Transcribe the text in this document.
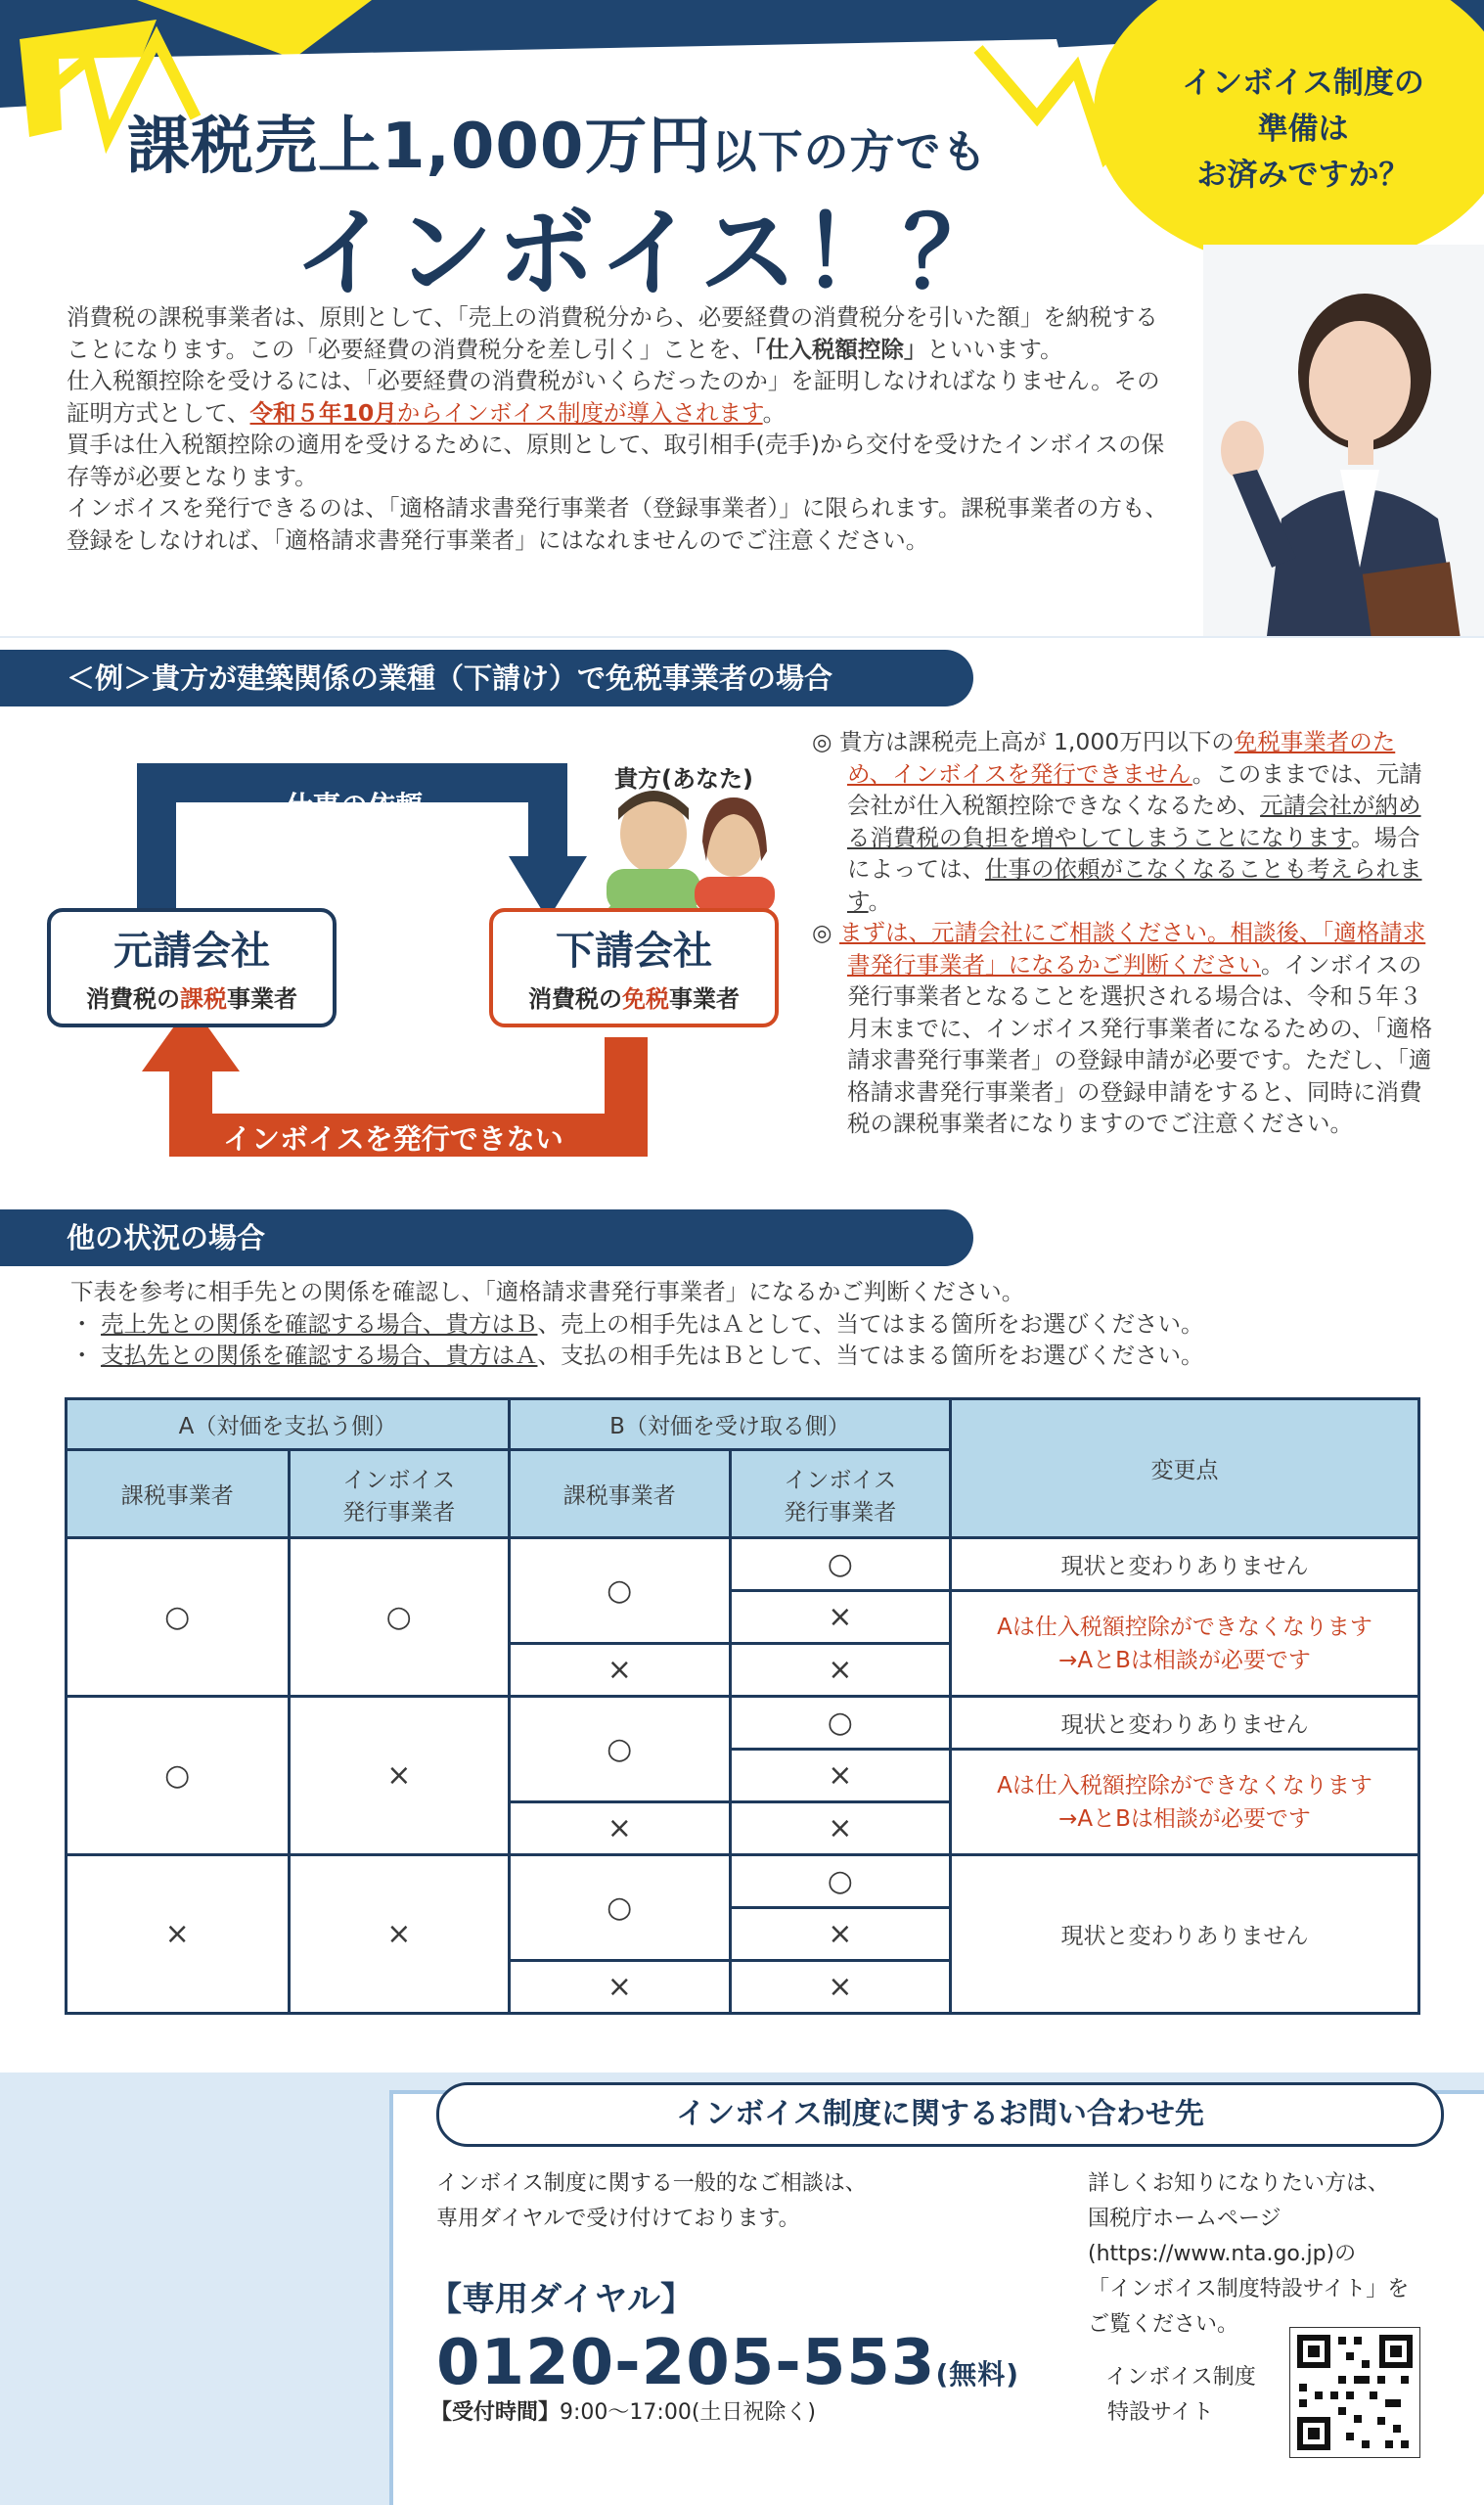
課税売上1,000万円以下の方でも
インボイス！？
インボイス制度の
準備は
お済みですか？

消費税の課税事業者は、原則として、「売上の消費税分から、必要経費の消費税分を引いた額」を納税することになります。この「必要経費の消費税分を差し引く」ことを、「仕入税額控除」といいます。

仕入税額控除を受けるには、「必要経費の消費税がいくらだったのか」を証明しなければなりません。その証明方式として、令和５年10月からインボイス制度が導入されます。

買手は仕入税額控除の適用を受けるために、原則として、取引相手(売手)から交付を受けたインボイスの保存等が必要となります。

インボイスを発行できるのは、「適格請求書発行事業者（登録事業者）」に限られます。課税事業者の方も、登録をしなければ、「適格請求書発行事業者」にはなれませんのでご注意ください。

＜例＞貴方が建築関係の業種（下請け）で免税事業者の場合
仕事の依頼
貴方(あなた)
元請会社
消費税の課税事業者
下請会社
消費税の免税事業者
インボイスを発行できない

◎ 貴方は課税売上高が 1,000万円以下の免税事業者のため、インボイスを発行できません。このままでは、元請会社が仕入税額控除できなくなるため、元請会社が納める消費税の負担を増やしてしまうことになります。場合によっては、仕事の依頼がこなくなることも考えられます。

◎ まずは、元請会社にご相談ください。相談後、「適格請求書発行事業者」になるかご判断ください。インボイスの発行事業者となることを選択される場合は、令和５年３月末までに、インボイス発行事業者になるための、「適格請求書発行事業者」の登録申請が必要です。ただし、「適格請求書発行事業者」の登録申請をすると、同時に消費税の課税事業者になりますのでご注意ください。

他の状況の場合

下表を参考に相手先との関係を確認し、「適格請求書発行事業者」になるかご判断ください。

・ 売上先との関係を確認する場合、貴方はＢ、売上の相手先はＡとして、当てはまる箇所をお選びください。

・ 支払先との関係を確認する場合、貴方はＡ、支払の相手先はＢとして、当てはまる箇所をお選びください。

A（対価を支払う側）		B（対価を受け取る側）		変更点
課税事業者	インボイス
発行事業者	課税事業者	インボイス
発行事業者	
○	○	○	○	現状と変わりありません
			×	Aは仕入税額控除ができなくなります
→AとBは相談が必要です
		×	×	
○	×	○	○	現状と変わりありません
			×	Aは仕入税額控除ができなくなります
→AとBは相談が必要です
		×	×	
×	×	○	○	現状と変わりありません
			×	
		×	×	
インボイス制度に関するお問い合わせ先
インボイス制度に関する一般的なご相談は、
専用ダイヤルで受け付けております。
【専用ダイヤル】
0120-205-553(無料)
【受付時間】9:00～17:00(土日祝除く)
詳しくお知りになりたい方は、
国税庁ホームページ
(https://www.nta.go.jp)の
「インボイス制度特設サイト」を
ご覧ください。
インボイス制度
特設サイト
